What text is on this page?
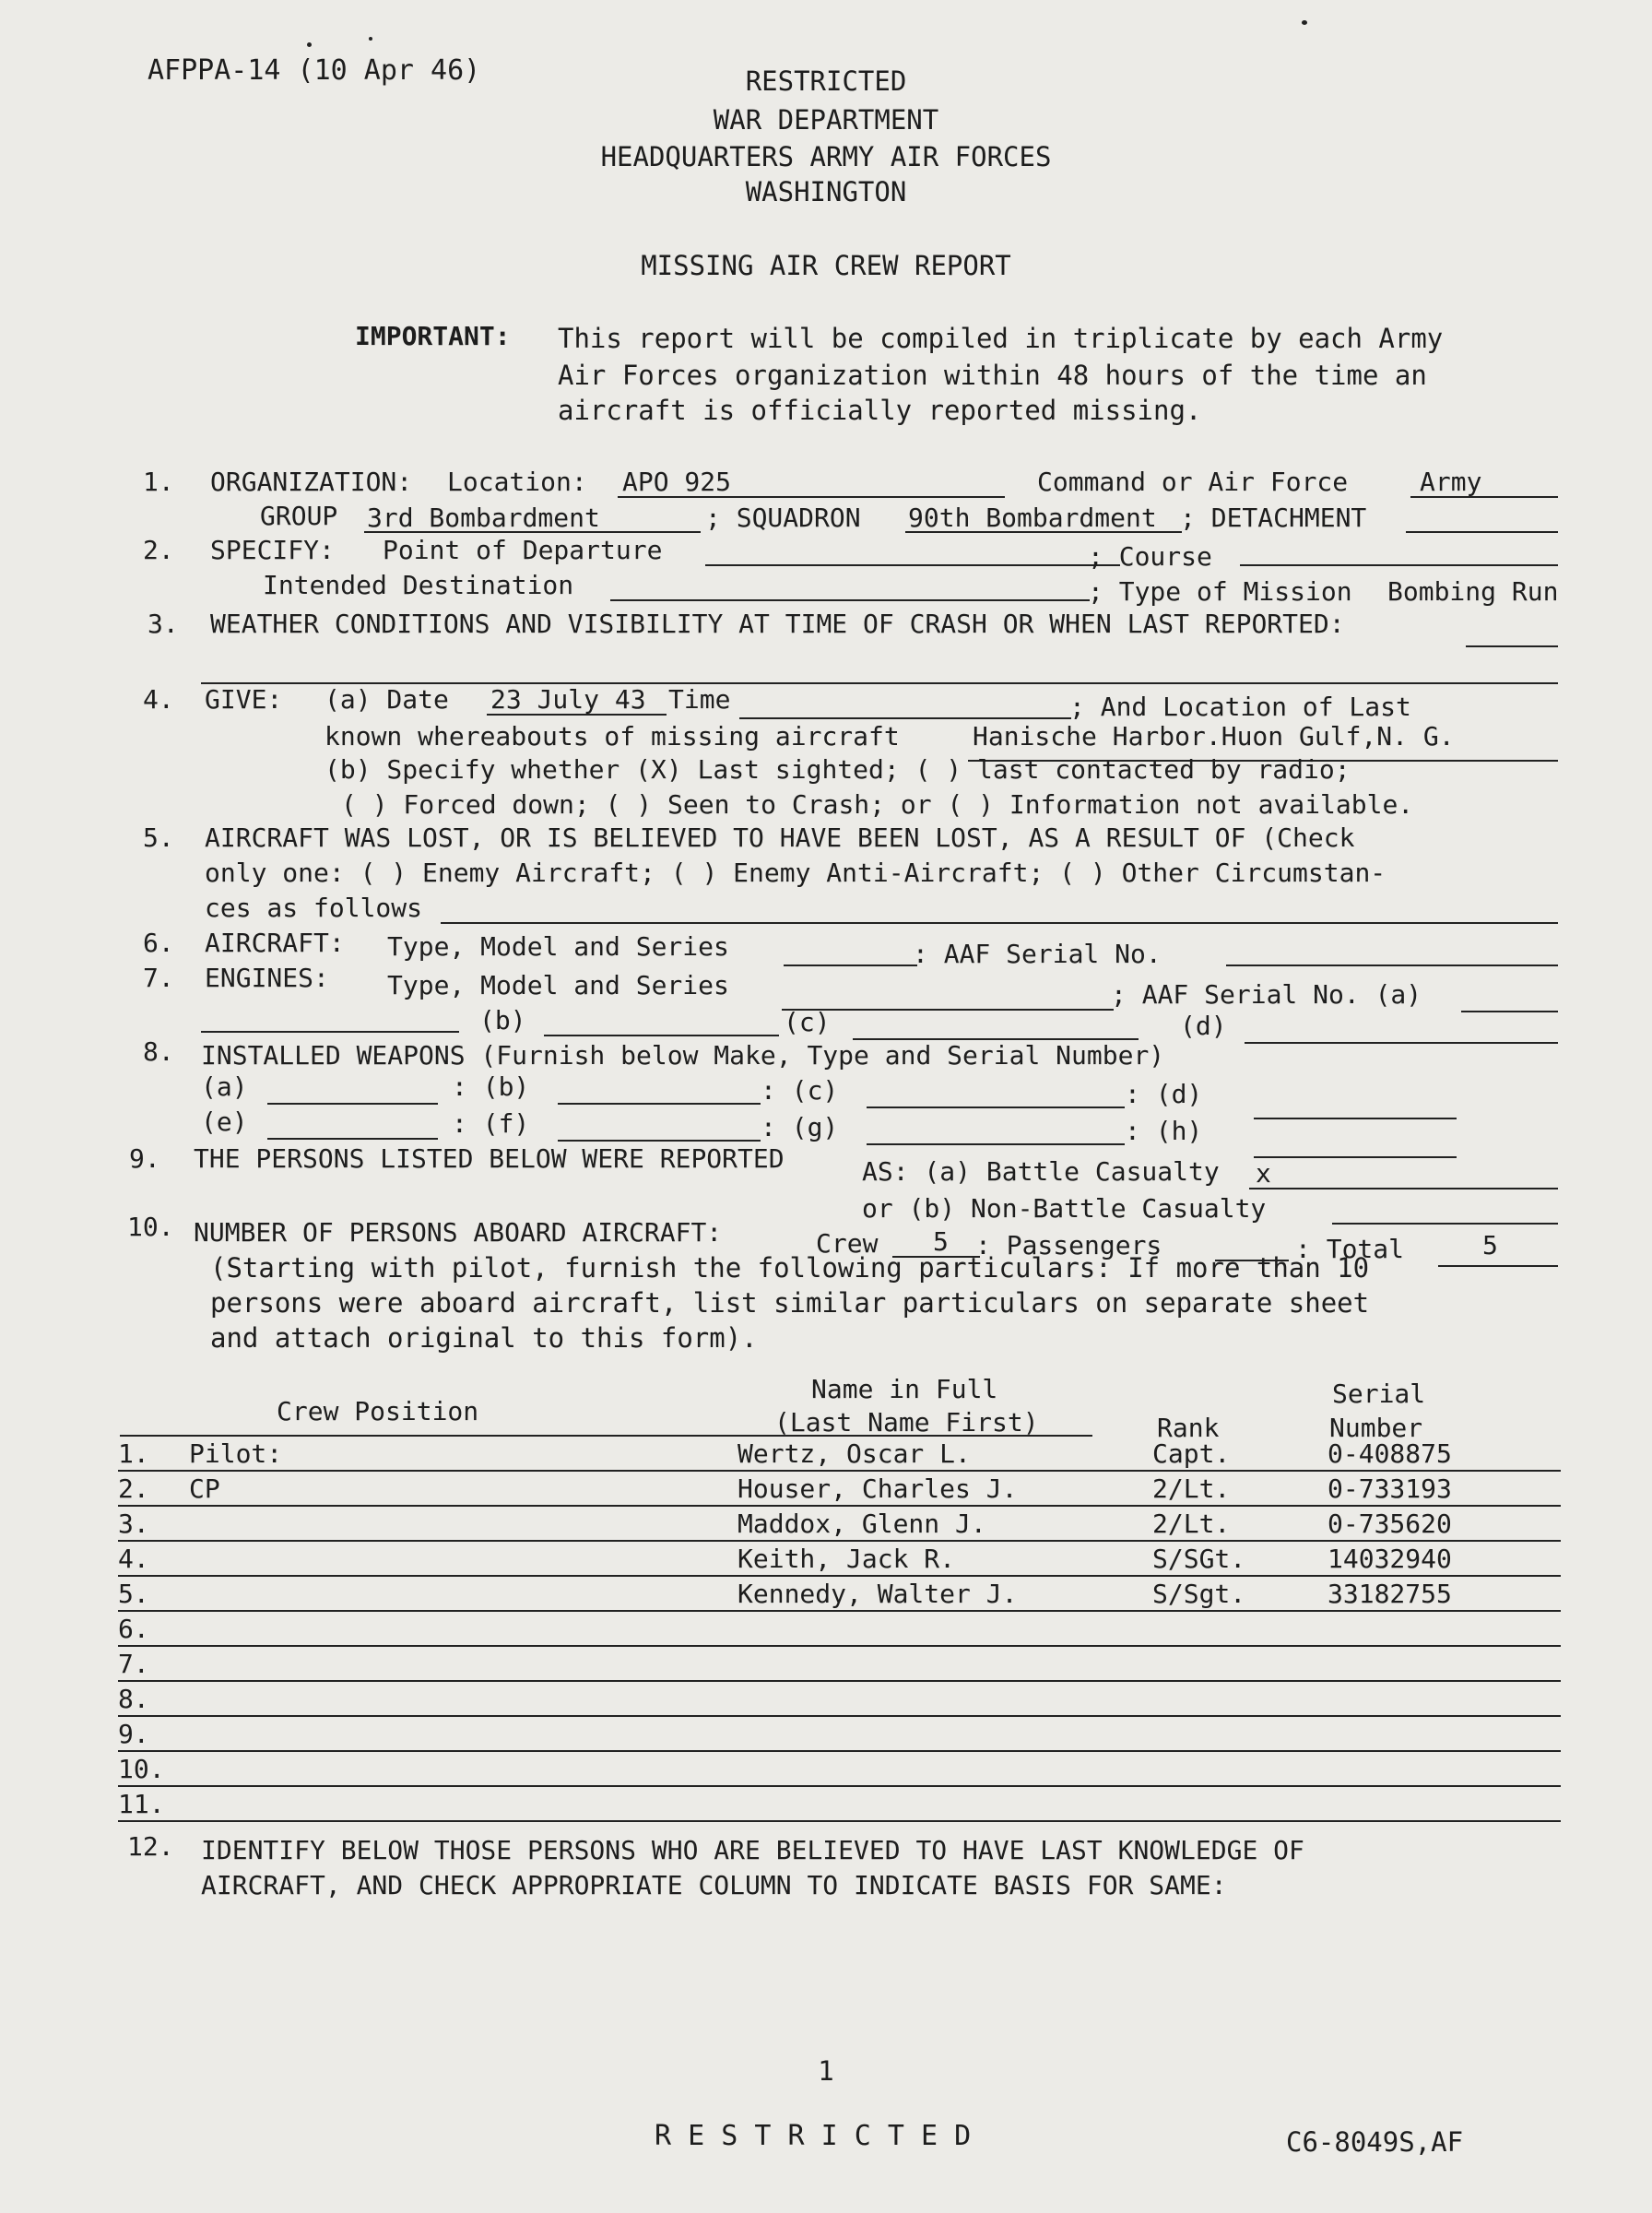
AFPPA-14 (10 Apr 46)	RESTRICTED
WAR DEPARTMENT
HEADQUARTERS ARMY AIR FORCES
WASHINGTON
MISSING AIR CREW REPORT
IMPORTANT: This report will be compiled in triplicate by each Army
Air Forces organization within 48 hours of the time an
aircraft is officially reported missing.
1. ORGANIZATION: Location: APO 925	Command or Air Force	Army
GROUP 3rd Bombardment	; SQUADRON 90th Bombardment ; DETACHMENT
2. SPECIFY: Point of Departure	; Course
Intended Destination	; Type of Mission Bombing Run
3. WEATHER CONDITIONS AND VISIBILITY AT TIME OF CRASH OR WHEN LAST REPORTED:
4. GIVE: (a) Date 23 July 43 Time	; And Location of Last
known whereabouts of missing aircraft	Hanische Harbor.Huon Gulf,N. G.
(b) Specify whether (X) Last sighted; ( ) last contacted by radio;
( ) Forced down; ( ) Seen to Crash; or ( ) Information not available.
5. AIRCRAFT WAS LOST, OR IS BELIEVED TO HAVE BEEN LOST, AS A RESULT OF (Check
only one: ( ) Enemy Aircraft; ( ) Enemy Anti-Aircraft; ( ) Other Circumstan-
ces as follows
6. AIRCRAFT: Type, Model and Series	: AAF Serial No.
7. ENGINES: Type, Model and Series	; AAF Serial No. (a)
(b)	(c)	(d)
8. INSTALLED WEAPONS (Furnish below Make, Type and Serial Number)
(a)	: (b)	: (c)	: (d)
(e)	: (f)	: (g)	: (h)
9. THE PERSONS LISTED BELOW WERE REPORTED	AS: (a) Battle Casualty x
or (b) Non-Battle Casualty
10. NUMBER OF PERSONS ABOARD AIRCRAFT:	Crew 5 : Passengers	: Total	5
(Starting with pilot, furnish the following particulars: If more than 10
persons were aboard aircraft, list similar particulars on separate sheet
and attach original to this form).
Name in Full	Serial
Crew Position	(Last Name First)	Rank	Number
1. Pilot:	Wertz, Oscar L.	Capt.	0-408875
2. CP	Houser, Charles J.	2/Lt.	0-733193
3.	Maddox, Glenn J.	2/Lt.	0-735620
4.	Keith, Jack R.	S/SGt.	14032940
5.	Kennedy, Walter J.	S/Sgt.	33182755
6.
7.
8.
9.
10.
11.
12. IDENTIFY BELOW THOSE PERSONS WHO ARE BELIEVED TO HAVE LAST KNOWLEDGE OF
AIRCRAFT, AND CHECK APPROPRIATE COLUMN TO INDICATE BASIS FOR SAME:
1
R E S T R I C T E D	C6-8049S,AF
